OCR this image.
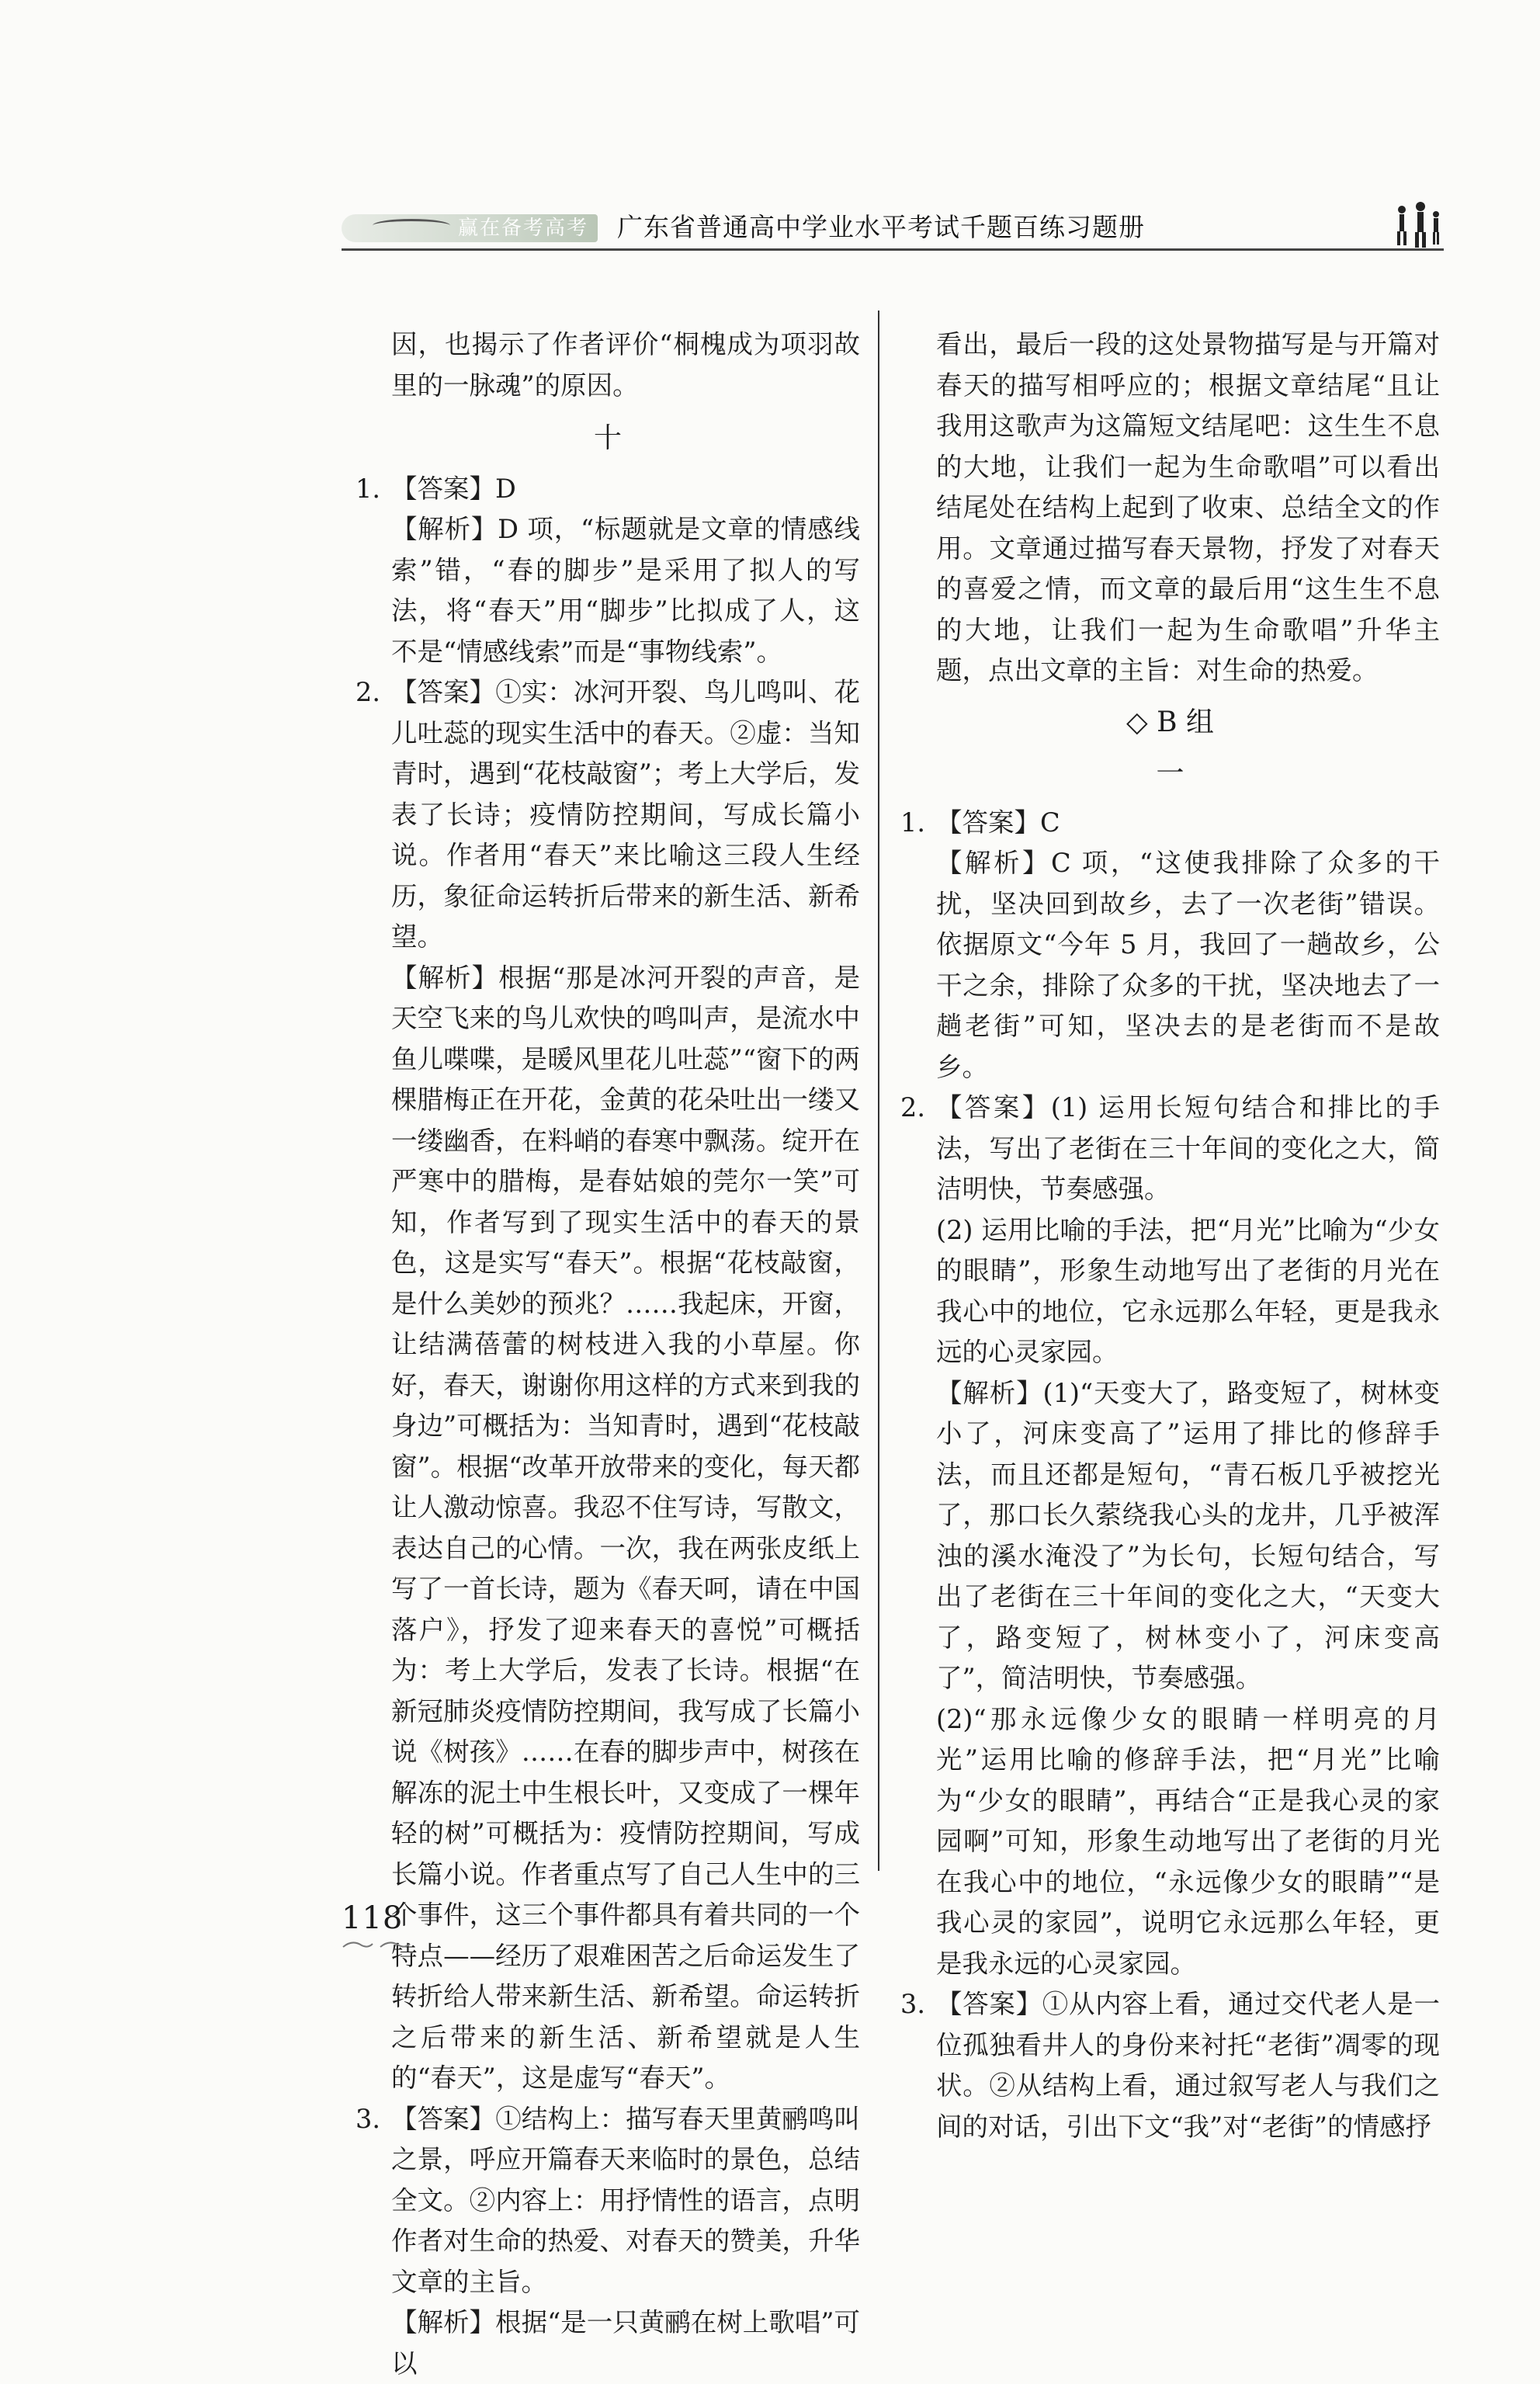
赢在备考高考	广东省普通高中学业水平考试千题百练习题册

因，也揭示了作者评价“桐槐成为项羽故里的一脉魂”的原因。

十
1. 【答案】D

【解析】D 项，“标题就是文章的情感线索”错，“春的脚步”是采用了拟人的写法，将“春天”用“脚步”比拟成了人，这不是“情感线索”而是“事物线索”。

2. 【答案】①实：冰河开裂、鸟儿鸣叫、花儿吐蕊的现实生活中的春天。②虚：当知青时，遇到“花枝敲窗”；考上大学后，发表了长诗；疫情防控期间，写成长篇小说。作者用“春天”来比喻这三段人生经历，象征命运转折后带来的新生活、新希望。

【解析】根据“那是冰河开裂的声音，是天空飞来的鸟儿欢快的鸣叫声，是流水中鱼儿喋喋，是暖风里花儿吐蕊”“窗下的两棵腊梅正在开花，金黄的花朵吐出一缕又一缕幽香，在料峭的春寒中飘荡。绽开在严寒中的腊梅，是春姑娘的莞尔一笑”可知，作者写到了现实生活中的春天的景色，这是实写“春天”。根据“花枝敲窗，是什么美妙的预兆？……我起床，开窗，让结满蓓蕾的树枝进入我的小草屋。你好，春天，谢谢你用这样的方式来到我的身边”可概括为：当知青时，遇到“花枝敲窗”。根据“改革开放带来的变化，每天都让人激动惊喜。我忍不住写诗，写散文，表达自己的心情。一次，我在两张皮纸上写了一首长诗，题为《春天呵，请在中国落户》，抒发了迎来春天的喜悦”可概括为：考上大学后，发表了长诗。根据“在新冠肺炎疫情防控期间，我写成了长篇小说《树孩》……在春的脚步声中，树孩在解冻的泥土中生根长叶，又变成了一棵年轻的树”可概括为：疫情防控期间，写成长篇小说。作者重点写了自己人生中的三个事件，这三个事件都具有着共同的一个特点——经历了艰难困苦之后命运发生了转折给人带来新生活、新希望。命运转折之后带来的新生活、新希望就是人生的“春天”，这是虚写“春天”。

3. 【答案】①结构上：描写春天里黄鹂鸣叫之景，呼应开篇春天来临时的景色，总结全文。②内容上：用抒情性的语言，点明作者对生命的热爱、对春天的赞美，升华文章的主旨。

【解析】根据“是一只黄鹂在树上歌唱”可以

看出，最后一段的这处景物描写是与开篇对春天的描写相呼应的；根据文章结尾“且让我用这歌声为这篇短文结尾吧：这生生不息的大地，让我们一起为生命歌唱”可以看出结尾处在结构上起到了收束、总结全文的作用。文章通过描写春天景物，抒发了对春天的喜爱之情，而文章的最后用“这生生不息的大地，让我们一起为生命歌唱”升华主题，点出文章的主旨：对生命的热爱。

◇ B 组
一
1. 【答案】C

【解析】C 项，“这使我排除了众多的干扰，坚决回到故乡，去了一次老街”错误。依据原文“今年 5 月，我回了一趟故乡，公干之余，排除了众多的干扰，坚决地去了一趟老街”可知，坚决去的是老街而不是故乡。

2. 【答案】(1) 运用长短句结合和排比的手法，写出了老街在三十年间的变化之大，简洁明快，节奏感强。

(2) 运用比喻的手法，把“月光”比喻为“少女的眼睛”，形象生动地写出了老街的月光在我心中的地位，它永远那么年轻，更是我永远的心灵家园。

【解析】(1)“天变大了，路变短了，树林变小了，河床变高了”运用了排比的修辞手法，而且还都是短句，“青石板几乎被挖光了，那口长久萦绕我心头的龙井，几乎被浑浊的溪水淹没了”为长句，长短句结合，写出了老街在三十年间的变化之大，“天变大了，路变短了，树林变小了，河床变高了”，简洁明快，节奏感强。

(2)“那永远像少女的眼睛一样明亮的月光”运用比喻的修辞手法，把“月光”比喻为“少女的眼睛”，再结合“正是我心灵的家园啊”可知，形象生动地写出了老街的月光在我心中的地位，“永远像少女的眼睛”“是我心灵的家园”，说明它永远那么年轻，更是我永远的心灵家园。

3. 【答案】①从内容上看，通过交代老人是一位孤独看井人的身份来衬托“老街”凋零的现状。②从结构上看，通过叙写老人与我们之间的对话，引出下文“我”对“老街”的情感抒

118
